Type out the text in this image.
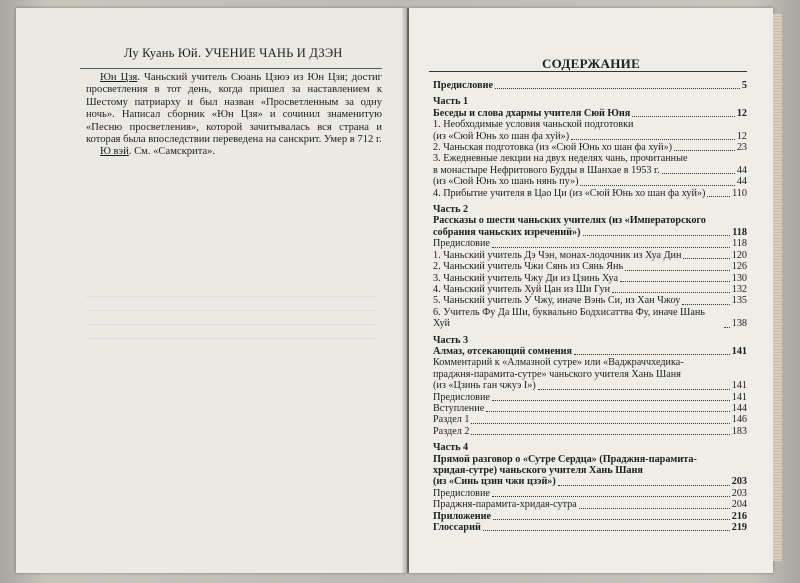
Лу Куань Юй. УЧЕНИЕ ЧАНЬ И ДЗЭН

Юн Цзя. Чаньский учитель Сюань Цзюэ из Юн Цзя; достиг просветления в тот день, когда пришел за наставлением к Шестому патриарху и был назван «Просветленным за одну ночь». Написал сборник «Юн Цзя» и сочинил знаменитую «Песню просветления», которой зачитывалась вся страна и которая была впоследствии переведена на санскрит. Умер в 712 г.

Ю вэй. См. «Самскрита».

СОДЕРЖАНИЕ
Предисловие	5
Часть 1
Беседы и слова дхармы учителя Сюй Юня	12
1. Необходимые условия чаньской подготовки
(из «Сюй Юнь хо шан фа хуй»)	12
2. Чаньская подготовка (из «Сюй Юнь хо шан фа хуй»)	23
3. Ежедневные лекции на двух неделях чань, прочитанные
в монастыре Нефритового Будды в Шанхае в 1953 г.	44
(из «Сюй Юнь хо шань нянь пу»)	44
4. Прибытие учителя в Цао Ци (из «Сюй Юнь хо шан фа хуй»)	110
Часть 2
Рассказы о шести чаньских учителях (из «Императорского
собрания чаньских изречений»)	118
Предисловие	118
1. Чаньский учитель Дэ Чэн, монах-лодочник из Хуа Дин	120
2. Чаньский учитель Чжи Сянь из Сянь Янь	126
3. Чаньский учитель Чжу Ди из Цзинь Хуа	130
4. Чаньский учитель Хуй Цан из Ши Гун	132
5. Чаньский учитель У Чжу, иначе Вэнь Си, из Хан Чжоу	135
6. Учитель Фу Да Ши, буквально Бодхисаттва Фу, иначе Шань Хуй	138
Часть 3
Алмаз, отсекающий сомнения	141
Комментарий к «Алмазной сутре» или «Ваджраччхедика-
праджня-парамита-сутре» чаньского учителя Хань Шаня
(из «Цзинь ган чжуэ I»)	141
Предисловие	141
Вступление	144
Раздел 1	146
Раздел 2	183
Часть 4
Прямой разговор о «Сутре Сердца» (Праджня-парамита-
хридая-сутре) чаньского учителя Хань Шаня
(из «Синь цзин чжи цзэй»)	203
Предисловие	203
Праджня-парамита-хридая-сутра	204
Приложение	216
Глоссарий	219
